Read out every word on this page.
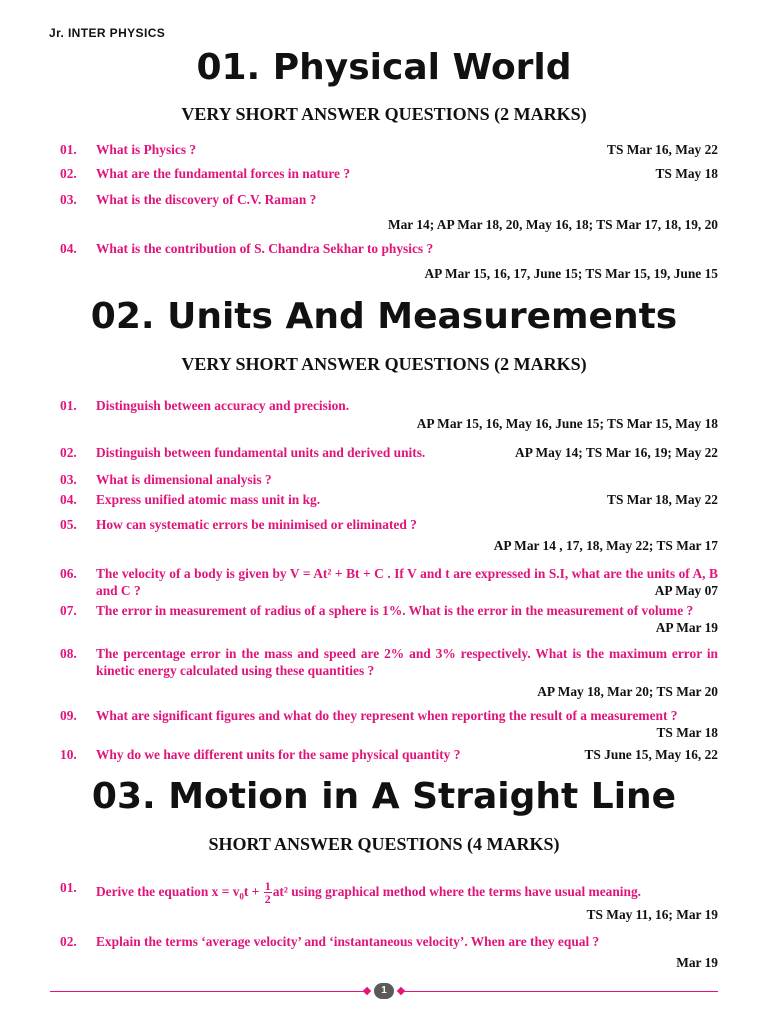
Jr. INTER PHYSICS
01. Physical World
VERY SHORT ANSWER QUESTIONS (2 MARKS)
01. What is Physics ?	TS Mar 16, May 22
02. What are the fundamental forces in nature ?	TS May 18
03. What is the discovery of C.V. Raman ?
Mar 14; AP Mar 18, 20, May 16, 18; TS Mar 17, 18, 19, 20
04. What is the contribution of S. Chandra Sekhar to physics ?
AP Mar 15, 16, 17, June 15; TS Mar 15, 19, June 15
02. Units And Measurements
VERY SHORT ANSWER QUESTIONS (2 MARKS)
01. Distinguish between accuracy and precision.
AP Mar 15, 16, May 16, June 15; TS Mar 15, May 18
02. Distinguish between fundamental units and derived units.	AP May 14; TS Mar 16, 19; May 22
03. What is dimensional analysis ?
04. Express unified atomic mass unit in kg.	TS Mar 18, May 22
05. How can systematic errors be minimised or eliminated ?
AP Mar 14 , 17, 18, May 22; TS Mar 17
06. The velocity of a body is given by V = At² + Bt + C . If V and t are expressed in S.I, what are the units of A, B and C ?	AP May 07
07. The error in measurement of radius of a sphere is 1%. What is the error in the measurement of volume ?
AP Mar 19
08. The percentage error in the mass and speed are 2% and 3% respectively. What is the maximum error in kinetic energy calculated using these quantities ?
AP May 18, Mar 20; TS Mar 20
09. What are significant figures and what do they represent when reporting the result of a measurement ?
TS Mar 18
10. Why do we have different units for the same physical quantity ?	TS June 15, May 16, 22
03. Motion in A Straight Line
SHORT ANSWER QUESTIONS (4 MARKS)
01. Derive the equation $x = v_0t + \frac{1}{2} at^2$ using graphical method where the terms have usual meaning.
TS May 11, 16; Mar 19
02. Explain the terms ‘average velocity’ and ‘instantaneous velocity’. When are they equal ?
Mar 19
1
